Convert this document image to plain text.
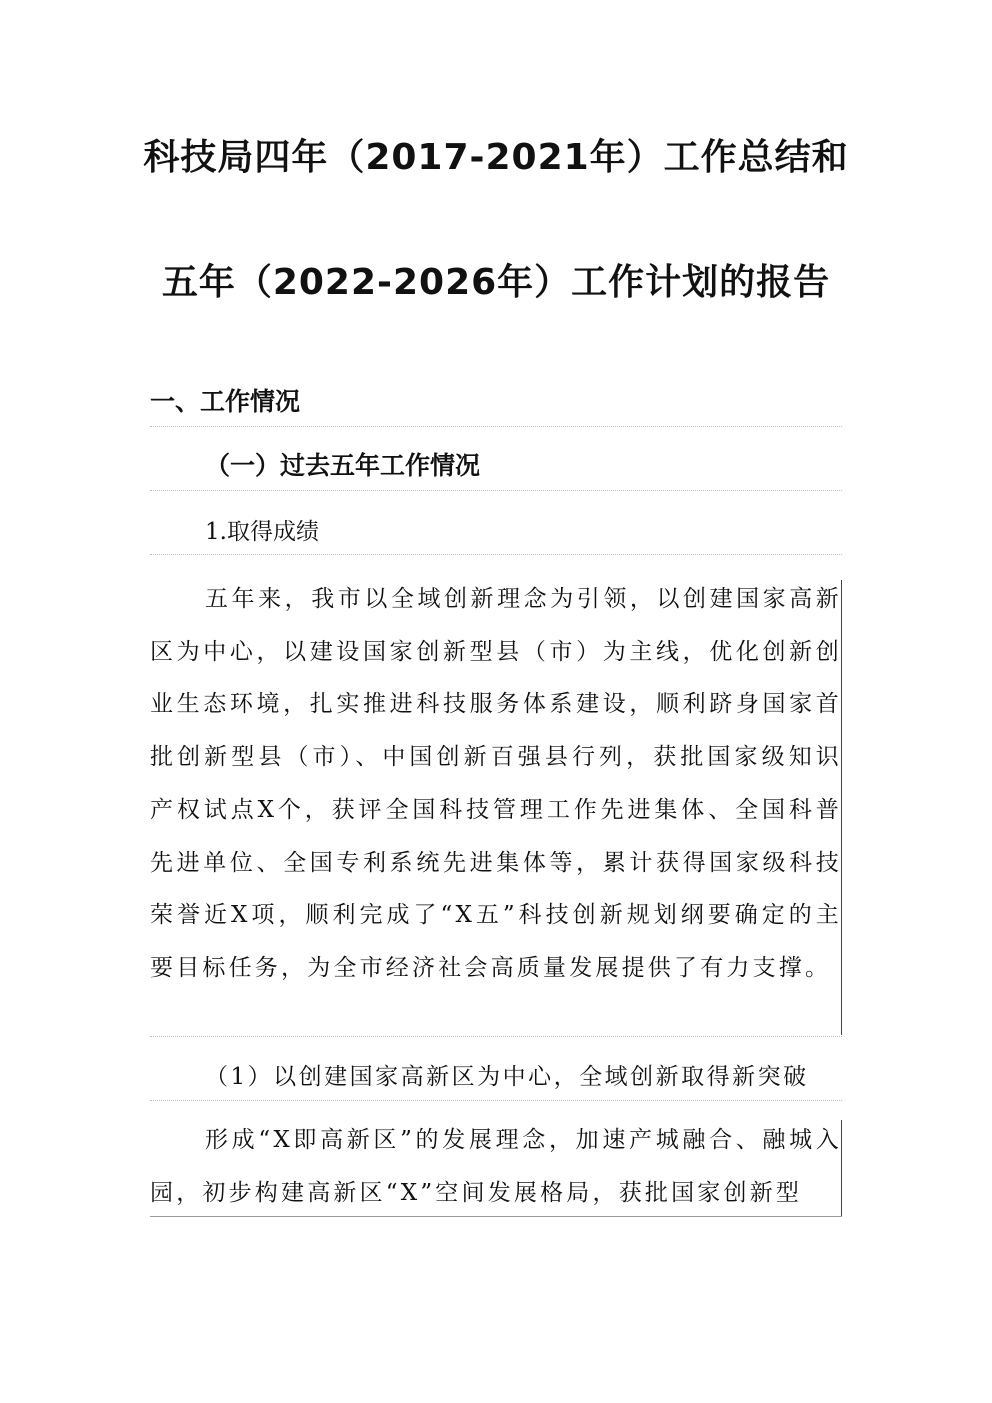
科技局四年（2017-2021年）工作总结和
五年（2022-2026年）工作计划的报告
一、工作情况
（一）过去五年工作情况
1.取得成绩
五年来，我市以全域创新理念为引领，以创建国家高新区为中心，以建设国家创新型县（市）为主线，优化创新创业生态环境，扎实推进科技服务体系建设，顺利跻身国家首批创新型县（市）、中国创新百强县行列，获批国家级知识产权试点X个，获评全国科技管理工作先进集体、全国科普先进单位、全国专利系统先进集体等，累计获得国家级科技荣誉近X项，顺利完成了“X五”科技创新规划纲要确定的主要目标任务，为全市经济社会高质量发展提供了有力支撑。
（1）以创建国家高新区为中心，全域创新取得新突破
形成“X即高新区”的发展理念，加速产城融合、融城入园，初步构建高新区“X”空间发展格局，获批国家创新型
